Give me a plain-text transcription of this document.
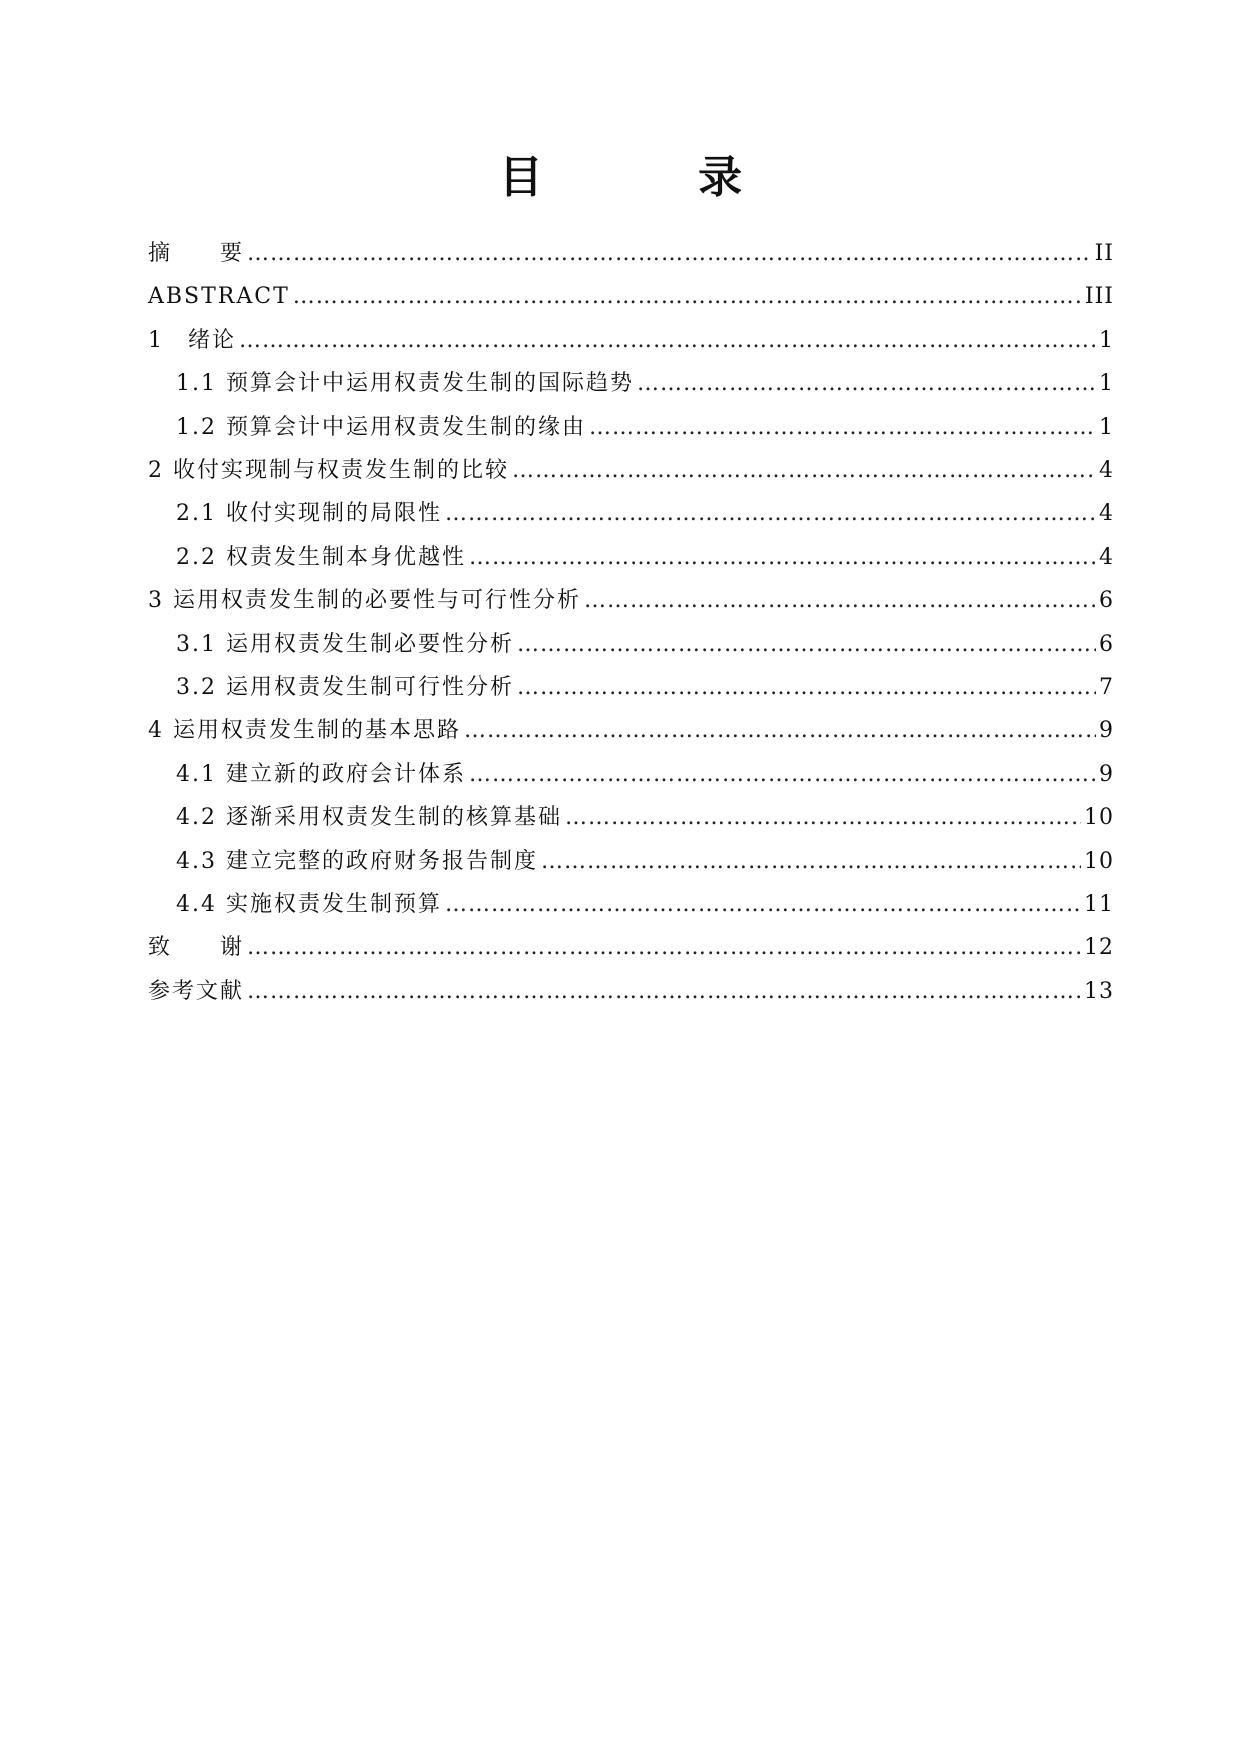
目 录
摘　　要 ……………………………………………………………………………………………………………………………………………………………………………………	II
ABSTRACT ……………………………………………………………………………………………………………………………………………………………………………………	III
1　绪论 ……………………………………………………………………………………………………………………………………………………………………………………	1
1.1 预算会计中运用权责发生制的国际趋势 ……………………………………………………………………………………………………………………………………………………………………………………	1
1.2 预算会计中运用权责发生制的缘由 ……………………………………………………………………………………………………………………………………………………………………………………	1
2 收付实现制与权责发生制的比较 ……………………………………………………………………………………………………………………………………………………………………………………	4
2.1 收付实现制的局限性 ……………………………………………………………………………………………………………………………………………………………………………………	4
2.2 权责发生制本身优越性 ……………………………………………………………………………………………………………………………………………………………………………………	4
3 运用权责发生制的必要性与可行性分析 ……………………………………………………………………………………………………………………………………………………………………………………	6
3.1 运用权责发生制必要性分析 ……………………………………………………………………………………………………………………………………………………………………………………	6
3.2 运用权责发生制可行性分析 ……………………………………………………………………………………………………………………………………………………………………………………	7
4 运用权责发生制的基本思路 ……………………………………………………………………………………………………………………………………………………………………………………	9
4.1 建立新的政府会计体系 ……………………………………………………………………………………………………………………………………………………………………………………	9
4.2 逐渐采用权责发生制的核算基础 ……………………………………………………………………………………………………………………………………………………………………………………	10
4.3 建立完整的政府财务报告制度 ……………………………………………………………………………………………………………………………………………………………………………………	10
4.4 实施权责发生制预算 ……………………………………………………………………………………………………………………………………………………………………………………	11
致　　谢 ……………………………………………………………………………………………………………………………………………………………………………………	12
参考文献 ……………………………………………………………………………………………………………………………………………………………………………………	13
